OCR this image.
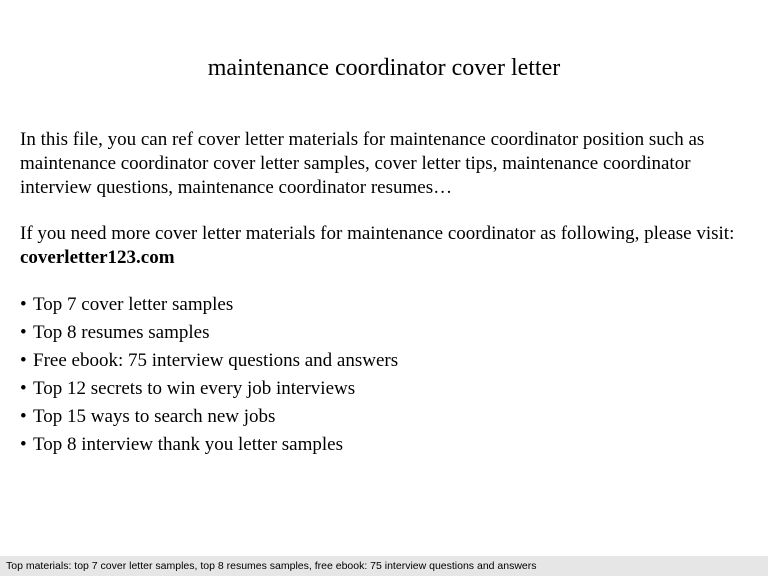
maintenance coordinator cover letter

In this file, you can ref cover letter materials for maintenance coordinator position such as maintenance coordinator cover letter samples, cover letter tips, maintenance coordinator interview questions, maintenance coordinator resumes…

If you need more cover letter materials for maintenance coordinator as following, please visit: coverletter123.com

• Top 7 cover letter samples
• Top 8 resumes samples
• Free ebook: 75 interview questions and answers
• Top 12 secrets to win every job interviews
• Top 15 ways to search new jobs
• Top 8 interview thank you letter samples
Top materials: top 7 cover letter samples, top 8 resumes samples, free ebook: 75 interview questions and answers
